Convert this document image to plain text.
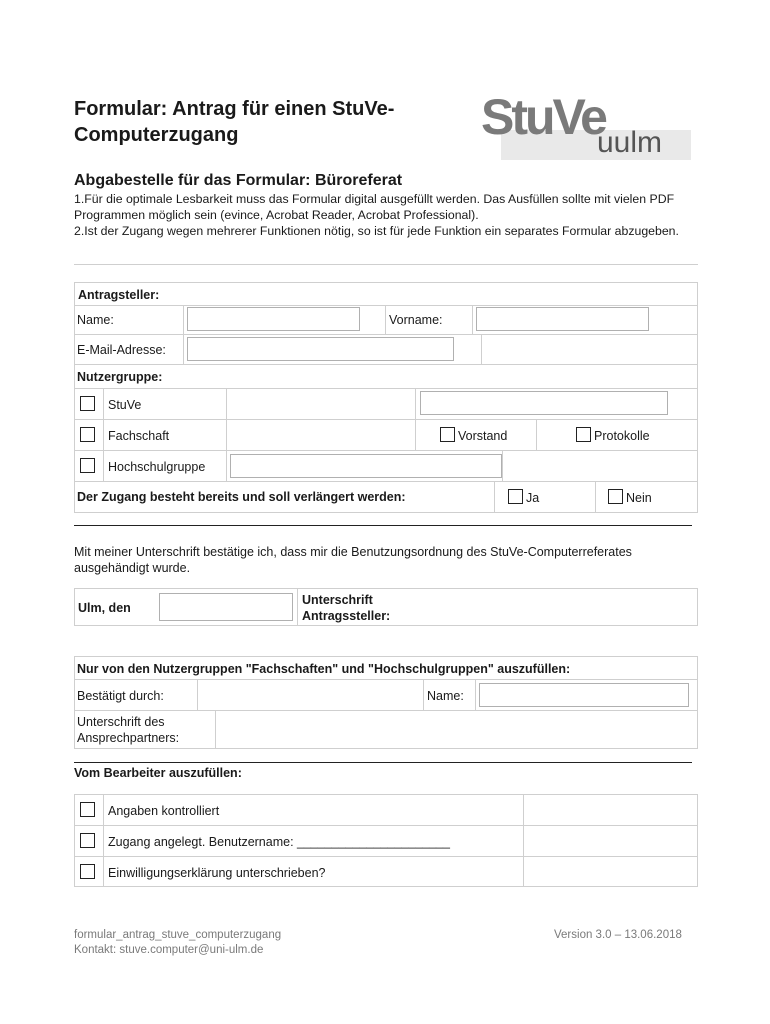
Formular: Antrag für einen StuVe-Computerzugang	StuVe
uulm
Abgabestelle für das Formular: Büroreferat
1.Für die optimale Lesbarkeit muss das Formular digital ausgefüllt werden. Das Ausfüllen sollte mit vielen PDF Programmen möglich sein (evince, Acrobat Reader, Acrobat Professional).
2.Ist der Zugang wegen mehrerer Funktionen nötig, so ist für jede Funktion ein separates Formular abzugeben.
Antragsteller:
Name:	Vorname:
E-Mail-Adresse:
Nutzergruppe:
StuVe
Fachschaft	Vorstand	Protokolle
Hochschulgruppe
Der Zugang besteht bereits und soll verlängert werden:	Ja	Nein
Mit meiner Unterschrift bestätige ich, dass mir die Benutzungsordnung des StuVe-Computerreferates ausgehändigt wurde.
Ulm, den
Unterschrift Antragssteller:
Nur von den Nutzergruppen "Fachschaften" und "Hochschulgruppen" auszufüllen:
Bestätigt durch:	Name:
Unterschrift des Ansprechpartners:
Vom Bearbeiter auszufüllen:
Angaben kontrolliert
Zugang angelegt. Benutzername: ______________________
Einwilligungserklärung unterschrieben?
formular_antrag_stuve_computerzugang
Kontakt: stuve.computer@uni-ulm.de
Version 3.0 – 13.06.2018
